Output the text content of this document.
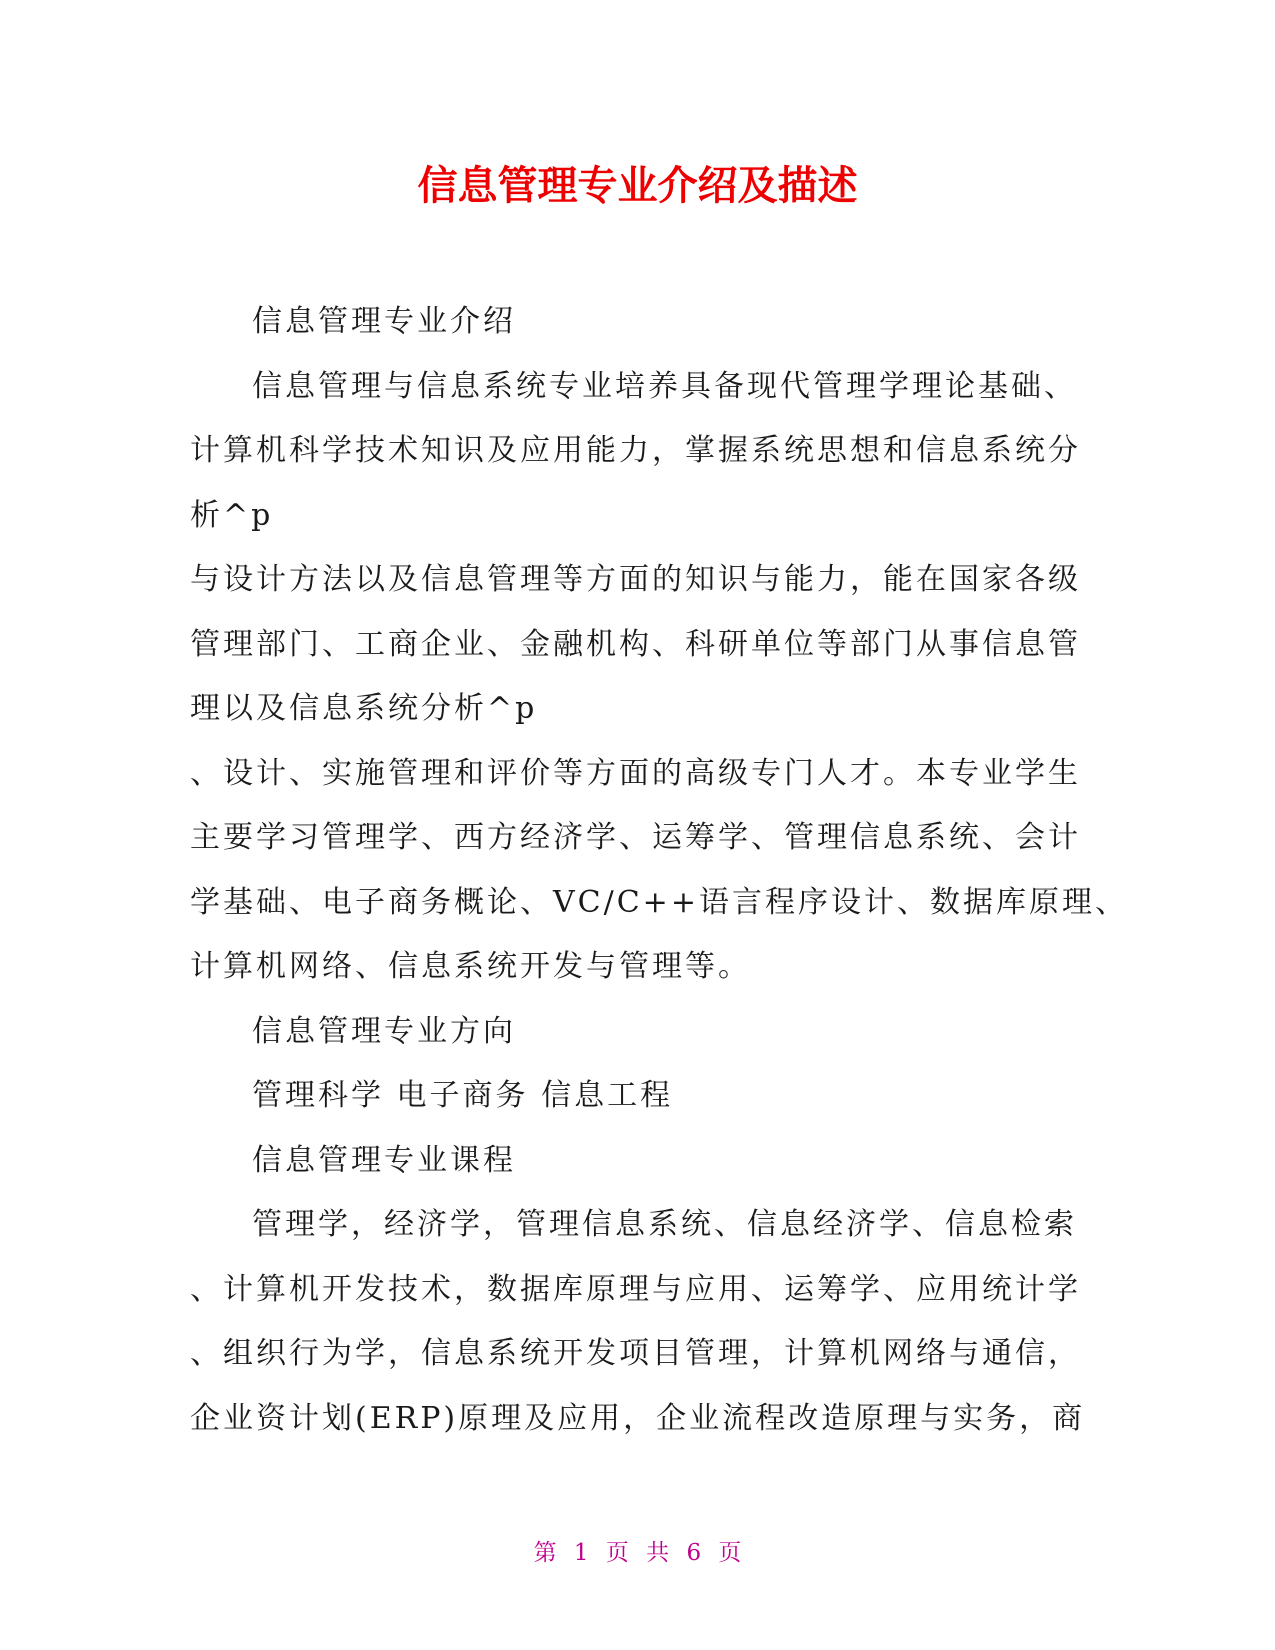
信息管理专业介绍及描述
信息管理专业介绍
信息管理与信息系统专业培养具备现代管理学理论基础、
计算机科学技术知识及应用能力，掌握系统思想和信息系统分
析^p
与设计方法以及信息管理等方面的知识与能力，能在国家各级
管理部门、工商企业、金融机构、科研单位等部门从事信息管
理以及信息系统分析^p
、设计、实施管理和评价等方面的高级专门人才。本专业学生
主要学习管理学、西方经济学、运筹学、管理信息系统、会计
学基础、电子商务概论、VC/C++语言程序设计、数据库原理、
计算机网络、信息系统开发与管理等。
信息管理专业方向
管理科学 电子商务 信息工程
信息管理专业课程
管理学，经济学，管理信息系统、信息经济学、信息检索
、计算机开发技术，数据库原理与应用、运筹学、应用统计学
、组织行为学，信息系统开发项目管理，计算机网络与通信，
企业资计划(ERP)原理及应用，企业流程改造原理与实务，商
第 1 页 共 6 页
